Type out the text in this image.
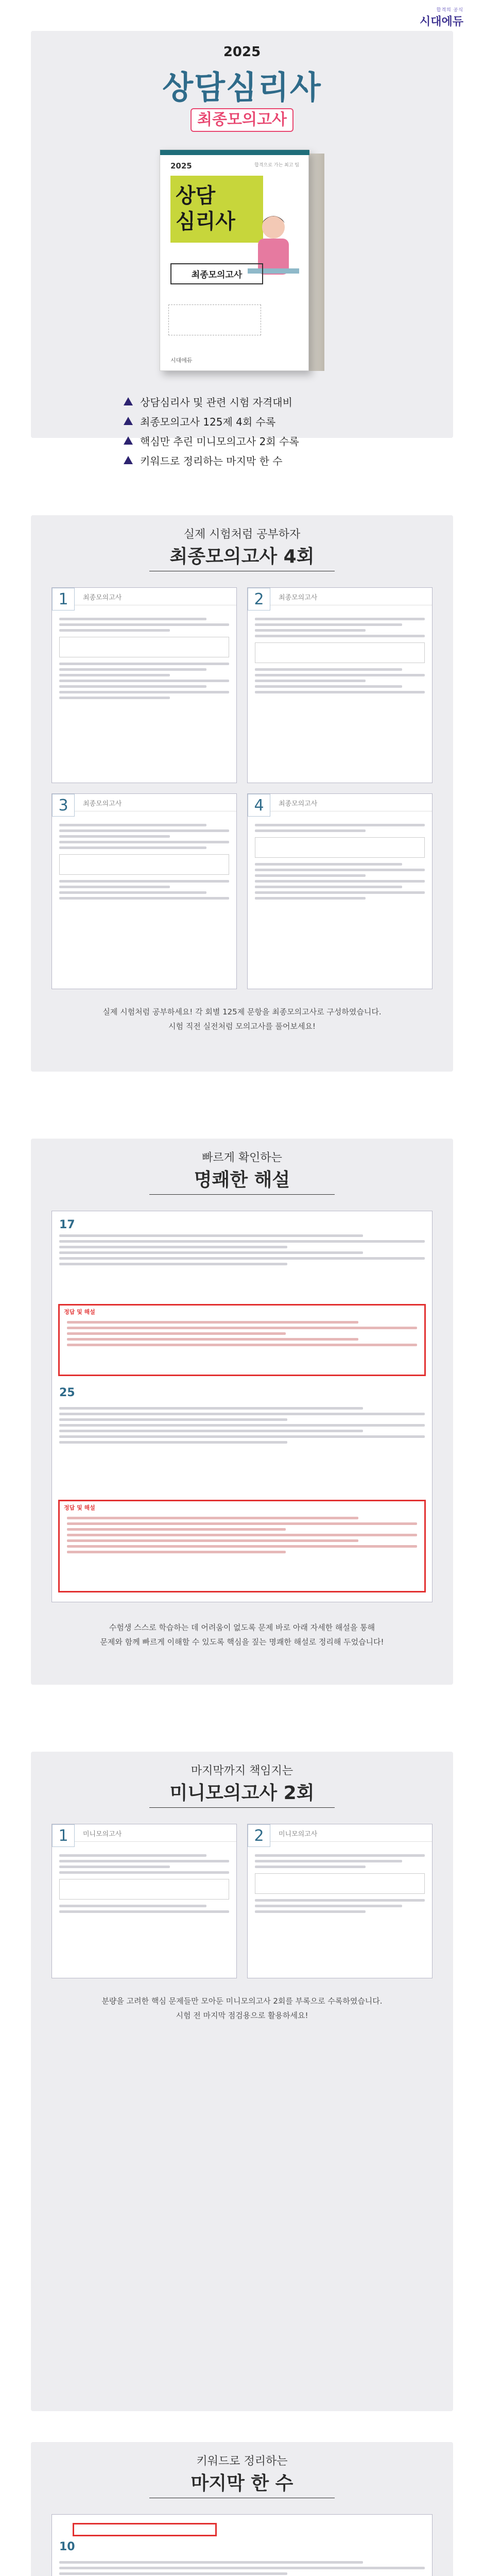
합격의 공식
시대에듀
2025
상담심리사
최종모의고사
2025	합격으로 가는 최고 팁
상담
심리사
최종모의고사
시대에듀
상담심리사 및 관련 시험 자격대비
최종모의고사 125제 4회 수록
핵심만 추린 미니모의고사 2회 수록
키워드로 정리하는 마지막 한 수
실제 시험처럼 공부하자
최종모의고사 4회
1	최종모의고사	2	최종모의고사
3	최종모의고사	4	최종모의고사
실제 시험처럼 공부하세요! 각 회별 125제 문항을 최종모의고사로 구성하였습니다.
시험 직전 실전처럼 모의고사를 풀어보세요!
빠르게 확인하는
명쾌한 해설
17
정답 및 해설
25
정답 및 해설
수험생 스스로 학습하는 데 어려움이 없도록 문제 바로 아래 자세한 해설을 통해
문제와 함께 빠르게 이해할 수 있도록 핵심을 짚는 명쾌한 해설로 정리해 두었습니다!
마지막까지 책임지는
미니모의고사 2회
1	미니모의고사	2	미니모의고사
분량을 고려한 핵심 문제들만 모아둔 미니모의고사 2회를 부록으로 수록하였습니다.
시험 전 마지막 점검용으로 활용하세요!
키워드로 정리하는
마지막 한 수
10
